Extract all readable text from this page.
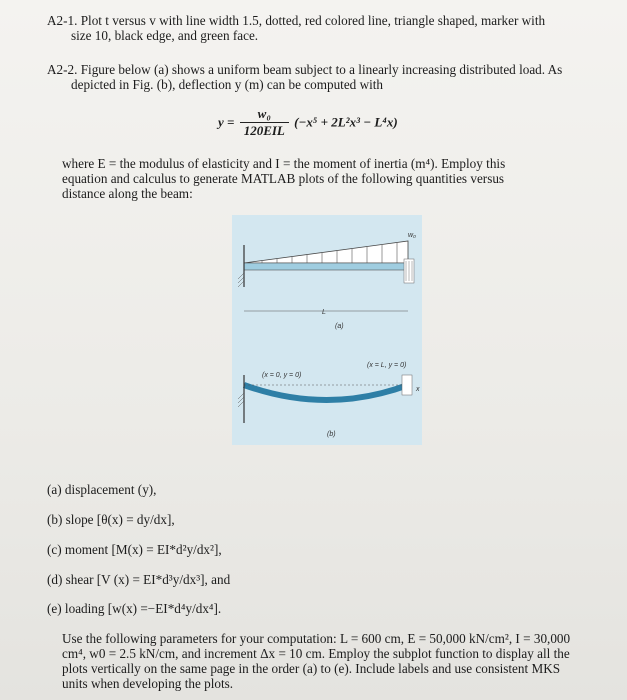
A2-1. Plot t versus v with line width 1.5, dotted, red colored line, triangle shaped, marker with
size 10, black edge, and green face.
A2-2. Figure below (a) shows a uniform beam subject to a linearly increasing distributed load. As
depicted in Fig. (b), deflection y (m) can be computed with
$y = \frac{\text{w₀}}{\text{120EIL}} (-x^5 + 2L^2x^3 - L^4x)$
where E = the modulus of elasticity and I = the moment of inertia (m⁴). Employ this
equation and calculus to generate MATLAB plots of the following quantities versus
distance along the beam:
w₀
L
(a)
(x = 0, y = 0)
(x = L, y = 0)
x
(b)
(a) displacement (y),
(b) slope [θ(x) = dy/dx],
(c) moment [M(x) = EI*d²y/dx²],
(d) shear [V (x) = EI*d³y/dx³], and
(e) loading [w(x) =−EI*d⁴y/dx⁴].
Use the following parameters for your computation: L = 600 cm, E = 50,000 kN/cm², I = 30,000
cm⁴, w0 = 2.5 kN/cm, and increment Δx = 10 cm. Employ the subplot function to display all the
plots vertically on the same page in the order (a) to (e). Include labels and use consistent MKS
units when developing the plots.
